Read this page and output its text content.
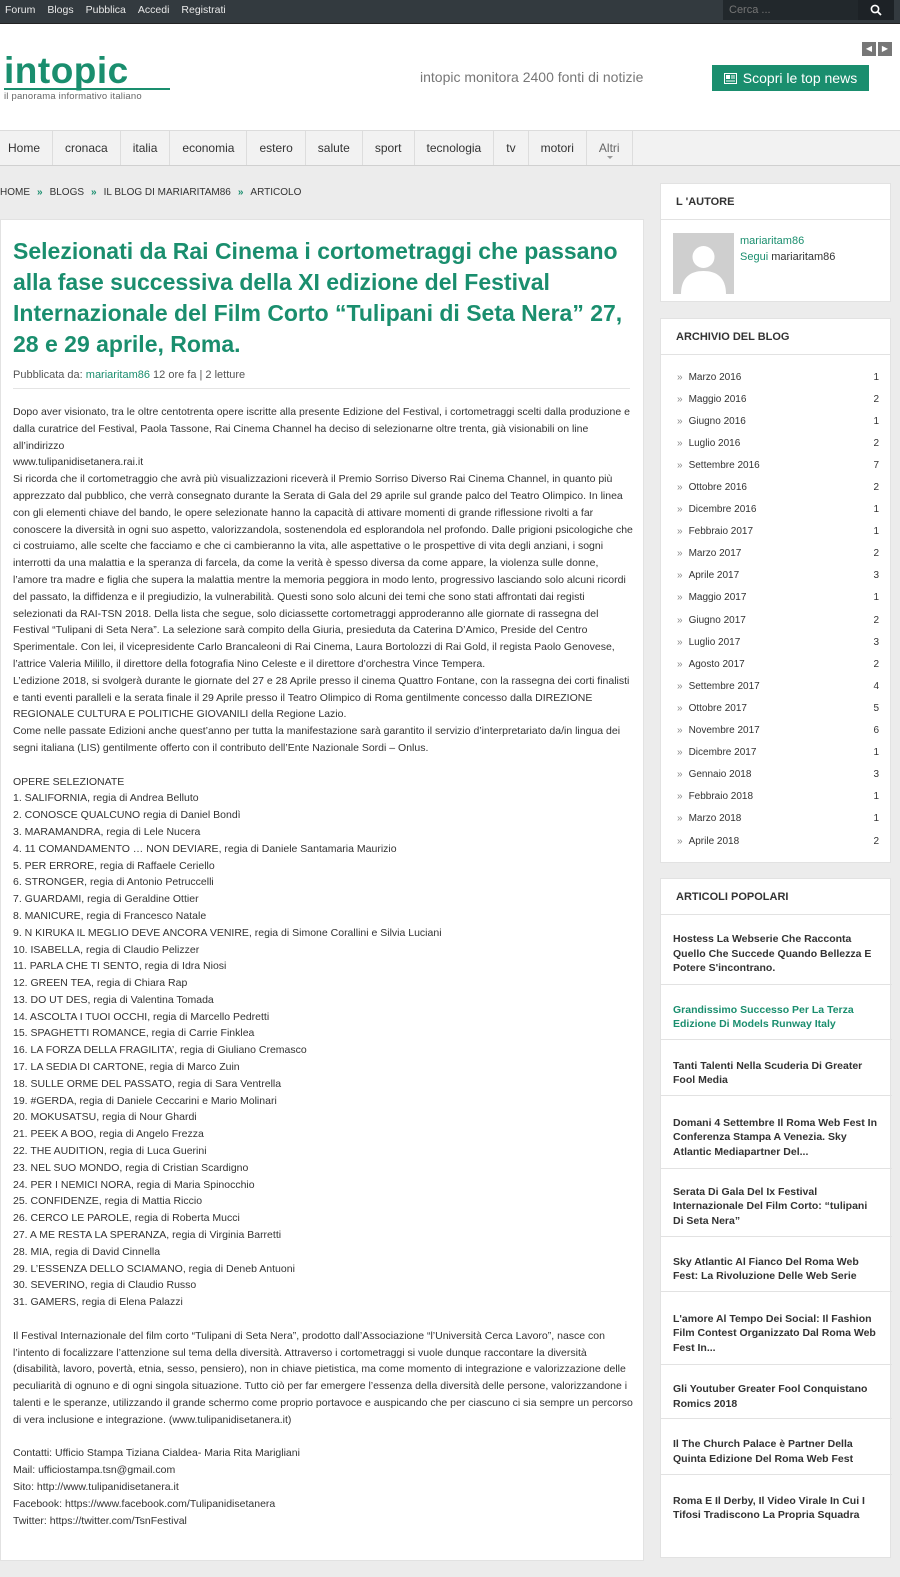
Forum	Blogs	Pubblica	Accedi	Registrati
Cerca ...
intopic
il panorama informativo italiano
intopic monitora 2400 fonti di notizie	Scopri le top news
◀	▶
Home	cronaca	italia	economia	estero	salute	sport	tecnologia	tv	motori	Altri
HOME » BLOGS » IL BLOG DI MARIARITAM86 » ARTICOLO
Selezionati da Rai Cinema i cortometraggi che passano alla fase successiva della XI edizione del Festival Internazionale del Film Corto “Tulipani di Seta Nera” 27, 28 e 29 aprile, Roma.
Pubblicata da: mariaritam86 12 ore fa | 2 letture
Dopo aver visionato, tra le oltre centotrenta opere iscritte alla presente Edizione del Festival, i cortometraggi scelti dalla produzione e dalla curatrice del Festival, Paola Tassone, Rai Cinema Channel ha deciso di selezionarne oltre trenta, già visionabili on line all’indirizzo
www.tulipanidisetanera.rai.it
Si ricorda che il cortometraggio che avrà più visualizzazioni riceverà il Premio Sorriso Diverso Rai Cinema Channel, in quanto più apprezzato dal pubblico, che verrà consegnato durante la Serata di Gala del 29 aprile sul grande palco del Teatro Olimpico. In linea con gli elementi chiave del bando, le opere selezionate hanno la capacità di attivare momenti di grande riflessione rivolti a far conoscere la diversità in ogni suo aspetto, valorizzandola, sostenendola ed esplorandola nel profondo. Dalle prigioni psicologiche che ci costruiamo, alle scelte che facciamo e che ci cambieranno la vita, alle aspettative o le prospettive di vita degli anziani, i sogni interrotti da una malattia e la speranza di farcela, da come la verità è spesso diversa da come appare, la violenza sulle donne, l’amore tra madre e figlia che supera la malattia mentre la memoria peggiora in modo lento, progressivo lasciando solo alcuni ricordi del passato, la diffidenza e il pregiudizio, la vulnerabilità. Questi sono solo alcuni dei temi che sono stati affrontati dai registi selezionati da RAI-TSN 2018. Della lista che segue, solo diciassette cortometraggi approderanno alle giornate di rassegna del Festival “Tulipani di Seta Nera”. La selezione sarà compito della Giuria, presieduta da Caterina D’Amico, Preside del Centro Sperimentale. Con lei, il vicepresidente Carlo Brancaleoni di Rai Cinema, Laura Bortolozzi di Rai Gold, il regista Paolo Genovese, l’attrice Valeria Milillo, il direttore della fotografia Nino Celeste e il direttore d’orchestra Vince Tempera.
L’edizione 2018, si svolgerà durante le giornate del 27 e 28 Aprile presso il cinema Quattro Fontane, con la rassegna dei corti finalisti e tanti eventi paralleli e la serata finale il 29 Aprile presso il Teatro Olimpico di Roma gentilmente concesso dalla DIREZIONE REGIONALE CULTURA E POLITICHE GIOVANILI della Regione Lazio.
Come nelle passate Edizioni anche quest’anno per tutta la manifestazione sarà garantito il servizio d’interpretariato da/in lingua dei segni italiana (LIS) gentilmente offerto con il contributo dell’Ente Nazionale Sordi – Onlus.

OPERE SELEZIONATE
1. SALIFORNIA, regia di Andrea Belluto
2. CONOSCE QUALCUNO regia di Daniel Bondì
3. MARAMANDRA, regia di Lele Nucera
4. 11 COMANDAMENTO … NON DEVIARE, regia di Daniele Santamaria Maurizio
5. PER ERRORE, regia di Raffaele Ceriello
6. STRONGER, regia di Antonio Petruccelli
7. GUARDAMI, regia di Geraldine Ottier
8. MANICURE, regia di Francesco Natale
9. N KIRUKA IL MEGLIO DEVE ANCORA VENIRE, regia di Simone Corallini e Silvia Luciani
10. ISABELLA, regia di Claudio Pelizzer
11. PARLA CHE TI SENTO, regia di Idra Niosi
12. GREEN TEA, regia di Chiara Rap
13. DO UT DES, regia di Valentina Tomada
14. ASCOLTA I TUOI OCCHI, regia di Marcello Pedretti
15. SPAGHETTI ROMANCE, regia di Carrie Finklea
16. LA FORZA DELLA FRAGILITA’, regia di Giuliano Cremasco
17. LA SEDIA DI CARTONE, regia di Marco Zuin
18. SULLE ORME DEL PASSATO, regia di Sara Ventrella
19. #GERDA, regia di Daniele Ceccarini e Mario Molinari
20. MOKUSATSU, regia di Nour Ghardi
21. PEEK A BOO, regia di Angelo Frezza
22. THE AUDITION, regia di Luca Guerini
23. NEL SUO MONDO, regia di Cristian Scardigno
24. PER I NEMICI NORA, regia di Maria Spinocchio
25. CONFIDENZE, regia di Mattia Riccio
26. CERCO LE PAROLE, regia di Roberta Mucci
27. A ME RESTA LA SPERANZA, regia di Virginia Barretti
28. MIA, regia di David Cinnella
29. L’ESSENZA DELLO SCIAMANO, regia di Deneb Antuoni
30. SEVERINO, regia di Claudio Russo
31. GAMERS, regia di Elena Palazzi

Il Festival Internazionale del film corto “Tulipani di Seta Nera”, prodotto dall’Associazione “l’Università Cerca Lavoro”, nasce con l’intento di focalizzare l’attenzione sul tema della diversità. Attraverso i cortometraggi si vuole dunque raccontare la diversità (disabilità, lavoro, povertà, etnia, sesso, pensiero), non in chiave pietistica, ma come momento di integrazione e valorizzazione delle peculiarità di ognuno e di ogni singola situazione. Tutto ciò per far emergere l’essenza della diversità delle persone, valorizzandone i talenti e le speranze, utilizzando il grande schermo come proprio portavoce e auspicando che per ciascuno ci sia sempre un percorso di vera inclusione e integrazione. (www.tulipanidisetanera.it)

Contatti: Ufficio Stampa Tiziana Cialdea- Maria Rita Marigliani
Mail: ufficiostampa.tsn@gmail.com
Sito: http://www.tulipanidisetanera.it
Facebook: https://www.facebook.com/Tulipanidisetanera
Twitter: https://twitter.com/TsnFestival
L 'AUTORE
mariaritam86
Segui mariaritam86
ARCHIVIO DEL BLOG
» Marzo 2016	1
» Maggio 2016	2
» Giugno 2016	1
» Luglio 2016	2
» Settembre 2016	7
» Ottobre 2016	2
» Dicembre 2016	1
» Febbraio 2017	1
» Marzo 2017	2
» Aprile 2017	3
» Maggio 2017	1
» Giugno 2017	2
» Luglio 2017	3
» Agosto 2017	2
» Settembre 2017	4
» Ottobre 2017	5
» Novembre 2017	6
» Dicembre 2017	1
» Gennaio 2018	3
» Febbraio 2018	1
» Marzo 2018	1
» Aprile 2018	2
ARTICOLI POPOLARI
Hostess La Webserie Che Racconta Quello Che Succede Quando Bellezza E Potere S'incontrano.
Grandissimo Successo Per La Terza Edizione Di Models Runway Italy
Tanti Talenti Nella Scuderia Di Greater Fool Media
Domani 4 Settembre Il Roma Web Fest In Conferenza Stampa A Venezia. Sky Atlantic Mediapartner Del...
Serata Di Gala Del Ix Festival Internazionale Del Film Corto: “tulipani Di Seta Nera”
Sky Atlantic Al Fianco Del Roma Web Fest: La Rivoluzione Delle Web Serie
L'amore Al Tempo Dei Social: Il Fashion Film Contest Organizzato Dal Roma Web Fest In...
Gli Youtuber Greater Fool Conquistano Romics 2018
Il The Church Palace è Partner Della Quinta Edizione Del Roma Web Fest
Roma E Il Derby, Il Video Virale In Cui I Tifosi Tradiscono La Propria Squadra
